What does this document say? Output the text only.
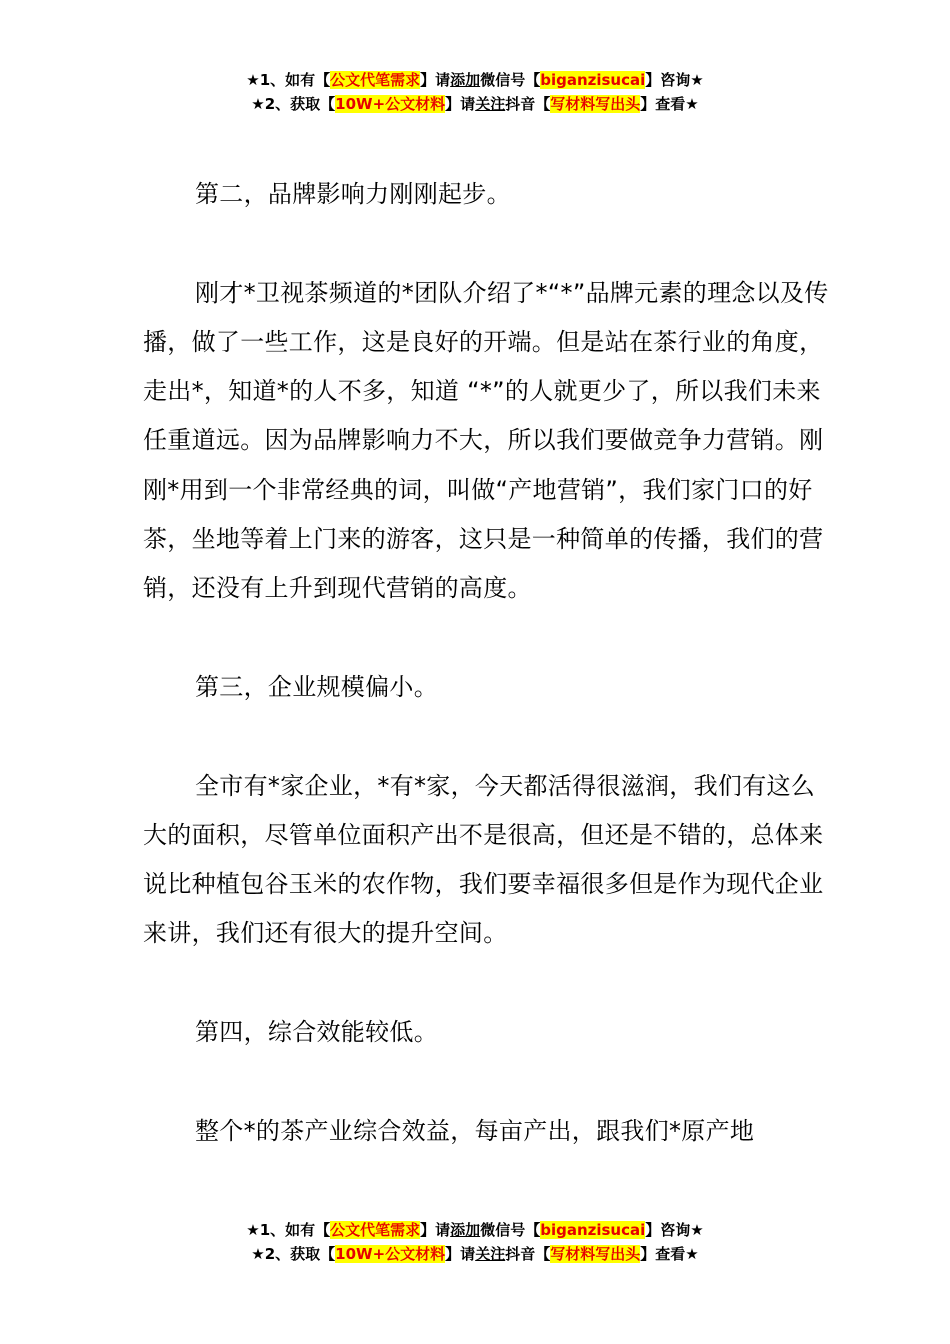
★1、如有【公文代笔需求】请添加微信号【biganzisucai】咨询★
★2、获取【10W+公文材料】请关注抖音【写材料写出头】查看★

第二，品牌影响力刚刚起步。

刚才*卫视茶频道的*团队介绍了*“*”品牌元素的理念以及传播，做了一些工作，这是良好的开端。但是站在茶行业的角度，走出*，知道*的人不多，知道 “*”的人就更少了，所以我们未来任重道远。因为品牌影响力不大，所以我们要做竞争力营销。刚刚*用到一个非常经典的词，叫做“产地营销”，我们家门口的好茶，坐地等着上门来的游客，这只是一种简单的传播，我们的营销，还没有上升到现代营销的高度。

第三，企业规模偏小。

全市有*家企业，*有*家，今天都活得很滋润，我们有这么大的面积，尽管单位面积产出不是很高，但还是不错的，总体来说比种植包谷玉米的农作物，我们要幸福很多但是作为现代企业来讲，我们还有很大的提升空间。

第四，综合效能较低。

整个*的茶产业综合效益，每亩产出，跟我们*原产地

★1、如有【公文代笔需求】请添加微信号【biganzisucai】咨询★
★2、获取【10W+公文材料】请关注抖音【写材料写出头】查看★
